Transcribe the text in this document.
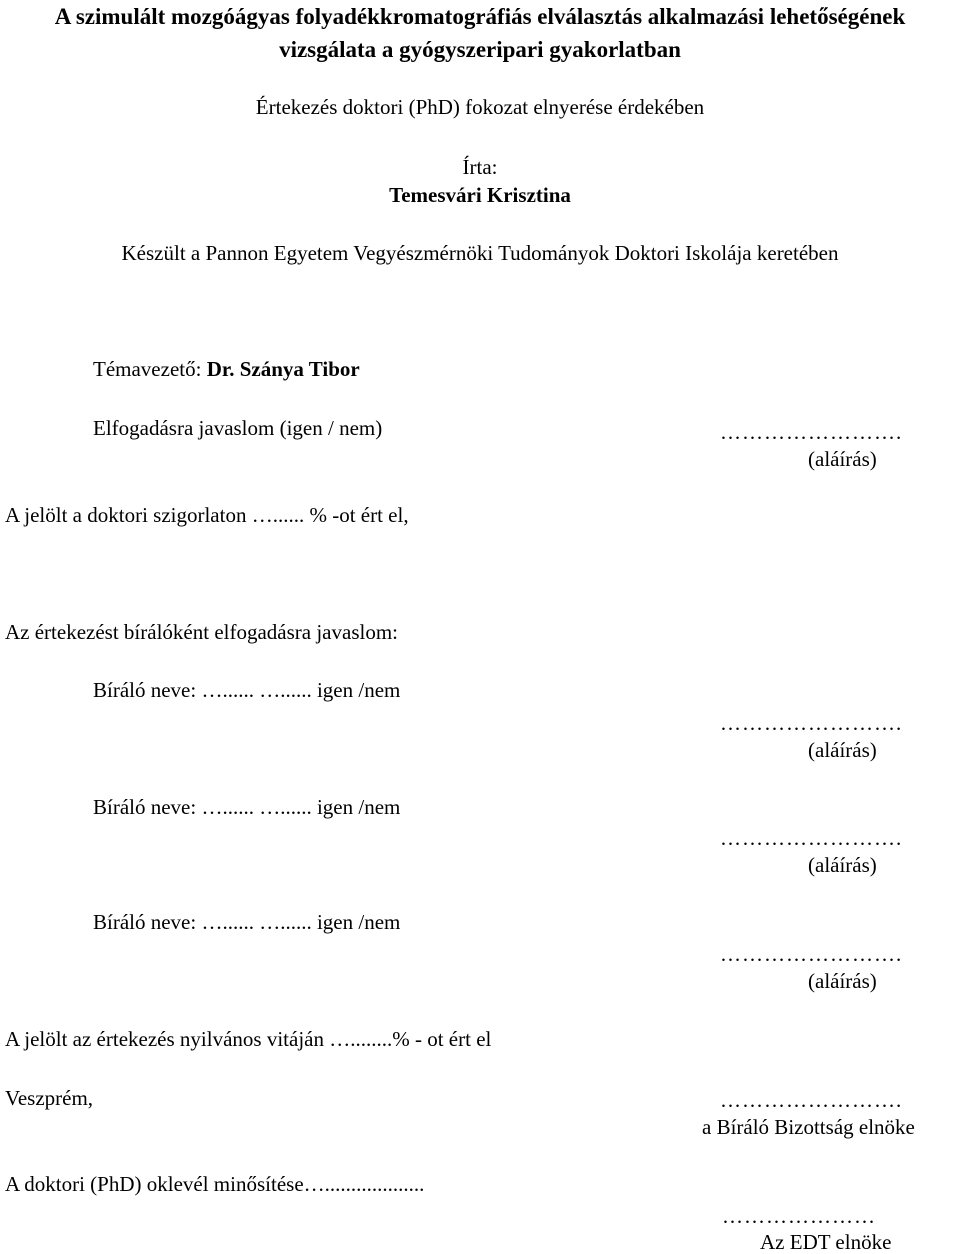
A szimulált mozgóágyas folyadékkromatográfiás elválasztás alkalmazási lehetőségének vizsgálata a gyógyszeripari gyakorlatban
Értekezés doktori (PhD) fokozat elnyerése érdekében
Írta:
Temesvári Krisztina
Készült a Pannon Egyetem Vegyészmérnöki Tudományok Doktori Iskolája keretében
Témavezető: Dr. Szánya Tibor
Elfogadásra javaslom (igen / nem)	…………………….
(aláírás)
A jelölt a doktori szigorlaton …...... % -ot ért el,
Az értekezést bírálóként elfogadásra javaslom:
Bíráló neve: …...... …...... igen /nem
…………………….
(aláírás)
Bíráló neve: …...... …...... igen /nem
…………………….
(aláírás)
Bíráló neve: …...... …...... igen /nem
…………………….
(aláírás)
A jelölt az értekezés nyilvános vitáján …........% - ot ért el
Veszprém,	…………………….
a Bíráló Bizottság elnöke
A doktori (PhD) oklevél minősítése…...................
…………………
Az EDT elnöke
